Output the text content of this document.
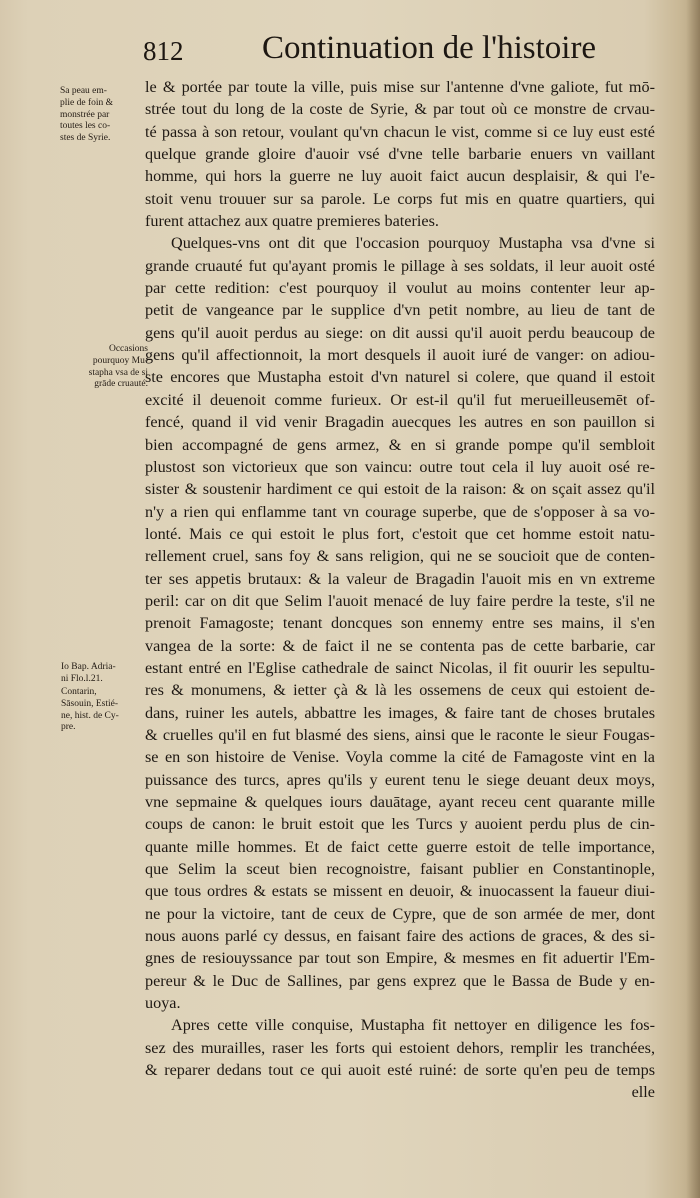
812 Continuation de l'histoire
Sa peau em-
plie de foin &
monstrée par
toutes les co-
stes de Syrie.
Occasions
pourquoy Mu-
stapha vsa de si
grāde cruauté.
Io Bap. Adria-
ni Flo.l.21.
Contarin,
Sāsouin, Estié-
ne, hist. de Cy-
pre.
le & portée par toute la ville, puis mise sur l'antenne d'vne galiote, fut mō-
strée tout du long de la coste de Syrie, & par tout où ce monstre de crvau-
té passa à son retour, voulant qu'vn chacun le vist, comme si ce luy eust esté
quelque grande gloire d'auoir vsé d'vne telle barbarie enuers vn vaillant
homme, qui hors la guerre ne luy auoit faict aucun desplaisir, & qui l'e-
stoit venu trouuer sur sa parole. Le corps fut mis en quatre quartiers, qui
furent attachez aux quatre premieres bateries.
Quelques-vns ont dit que l'occasion pourquoy Mustapha vsa d'vne si
grande cruauté fut qu'ayant promis le pillage à ses soldats, il leur auoit osté
par cette redition: c'est pourquoy il voulut au moins contenter leur ap-
petit de vangeance par le supplice d'vn petit nombre, au lieu de tant de
gens qu'il auoit perdus au siege: on dit aussi qu'il auoit perdu beaucoup de
gens qu'il affectionnoit, la mort desquels il auoit iuré de vanger: on adiou-
ste encores que Mustapha estoit d'vn naturel si colere, que quand il estoit
excité il deuenoit comme furieux. Or est-il qu'il fut merueilleusemēt of-
fencé, quand il vid venir Bragadin auecques les autres en son pauillon si
bien accompagné de gens armez, & en si grande pompe qu'il sembloit
plustost son victorieux que son vaincu: outre tout cela il luy auoit osé re-
sister & soustenir hardiment ce qui estoit de la raison: & on sçait assez qu'il
n'y a rien qui enflamme tant vn courage superbe, que de s'opposer à sa vo-
lonté. Mais ce qui estoit le plus fort, c'estoit que cet homme estoit natu-
rellement cruel, sans foy & sans religion, qui ne se soucioit que de conten-
ter ses appetis brutaux: & la valeur de Bragadin l'auoit mis en vn extreme
peril: car on dit que Selim l'auoit menacé de luy faire perdre la teste, s'il ne
prenoit Famagoste; tenant doncques son ennemy entre ses mains, il s'en
vangea de la sorte: & de faict il ne se contenta pas de cette barbarie, car
estant entré en l'Eglise cathedrale de sainct Nicolas, il fit ouurir les sepultu-
res & monumens, & ietter çà & là les ossemens de ceux qui estoient de-
dans, ruiner les autels, abbattre les images, & faire tant de choses brutales
& cruelles qu'il en fut blasmé des siens, ainsi que le raconte le sieur Fougas-
se en son histoire de Venise. Voyla comme la cité de Famagoste vint en la
puissance des turcs, apres qu'ils y eurent tenu le siege deuant deux moys,
vne sepmaine & quelques iours dauātage, ayant receu cent quarante mille
coups de canon: le bruit estoit que les Turcs y auoient perdu plus de cin-
quante mille hommes. Et de faict cette guerre estoit de telle importance,
que Selim la sceut bien recognoistre, faisant publier en Constantinople,
que tous ordres & estats se missent en deuoir, & inuocassent la faueur diui-
ne pour la victoire, tant de ceux de Cypre, que de son armée de mer, dont
nous auons parlé cy dessus, en faisant faire des actions de graces, & des si-
gnes de resiouyssance par tout son Empire, & mesmes en fit aduertir l'Em-
pereur & le Duc de Sallines, par gens exprez que le Bassa de Bude y en-
uoya.
Apres cette ville conquise, Mustapha fit nettoyer en diligence les fos-
sez des murailles, raser les forts qui estoient dehors, remplir les tranchées,
& reparer dedans tout ce qui auoit esté ruiné: de sorte qu'en peu de temps
elle
